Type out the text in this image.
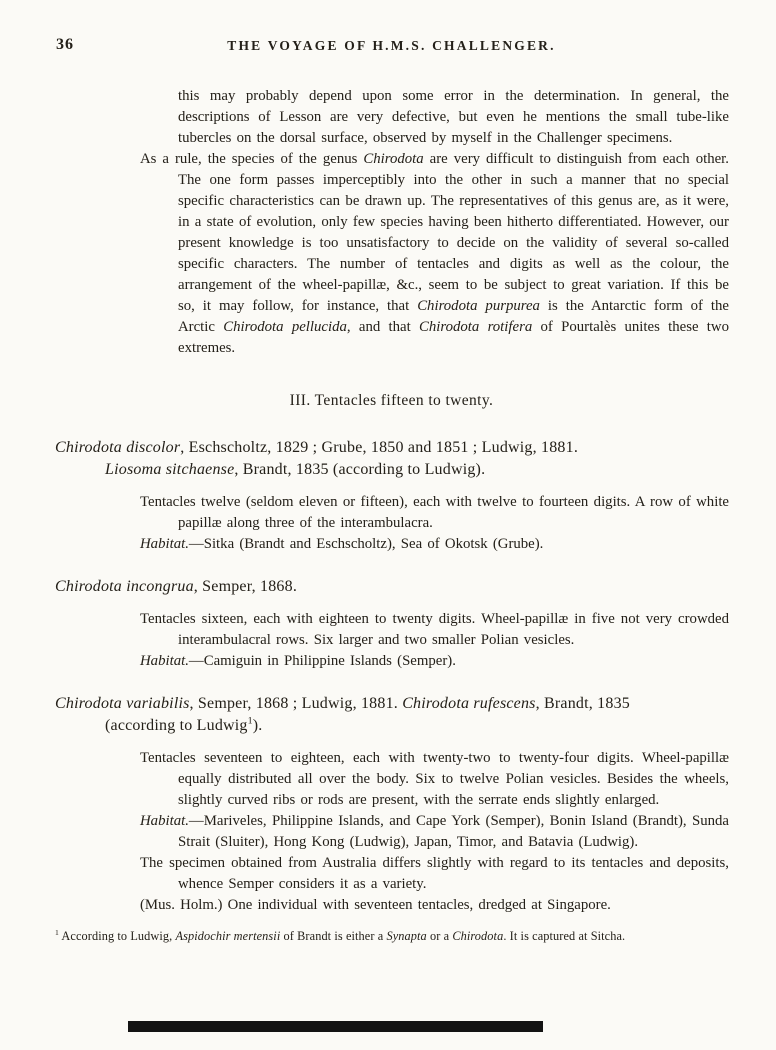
36	THE VOYAGE OF H.M.S. CHALLENGER.

this may probably depend upon some error in the determination. In general, the descriptions of Lesson are very defective, but even he mentions the small tube-like tubercles on the dorsal surface, observed by myself in the Challenger specimens.

As a rule, the species of the genus Chirodota are very difficult to distinguish from each other. The one form passes imperceptibly into the other in such a manner that no special specific characteristics can be drawn up. The representatives of this genus are, as it were, in a state of evolution, only few species having been hitherto differentiated. However, our present knowledge is too unsatisfactory to decide on the validity of several so-called specific characters. The number of tentacles and digits as well as the colour, the arrangement of the wheel-papillæ, &c., seem to be subject to great variation. If this be so, it may follow, for instance, that Chirodota purpurea is the Antarctic form of the Arctic Chirodota pellucida, and that Chirodota rotifera of Pourtalès unites these two extremes.

III. Tentacles fifteen to twenty.
Chirodota discolor, Eschscholtz, 1829 ; Grube, 1850 and 1851 ; Ludwig, 1881.
Liosoma sitchaense, Brandt, 1835 (according to Ludwig).

Tentacles twelve (seldom eleven or fifteen), each with twelve to fourteen digits. A row of white papillæ along three of the interambulacra.

Habitat.—Sitka (Brandt and Eschscholtz), Sea of Okotsk (Grube).

Chirodota incongrua, Semper, 1868.

Tentacles sixteen, each with eighteen to twenty digits. Wheel-papillæ in five not very crowded interambulacral rows. Six larger and two smaller Polian vesicles.

Habitat.—Camiguin in Philippine Islands (Semper).

Chirodota variabilis, Semper, 1868 ; Ludwig, 1881. Chirodota rufescens, Brandt, 1835
(according to Ludwig$^1$).

Tentacles seventeen to eighteen, each with twenty-two to twenty-four digits. Wheel-papillæ equally distributed all over the body. Six to twelve Polian vesicles. Besides the wheels, slightly curved ribs or rods are present, with the serrate ends slightly enlarged.

Habitat.—Mariveles, Philippine Islands, and Cape York (Semper), Bonin Island (Brandt), Sunda Strait (Sluiter), Hong Kong (Ludwig), Japan, Timor, and Batavia (Ludwig).

The specimen obtained from Australia differs slightly with regard to its tentacles and deposits, whence Semper considers it as a variety.

(Mus. Holm.) One individual with seventeen tentacles, dredged at Singapore.

$^1$ According to Ludwig, Aspidochir mertensii of Brandt is either a Synapta or a Chirodota. It is captured at Sitcha.
